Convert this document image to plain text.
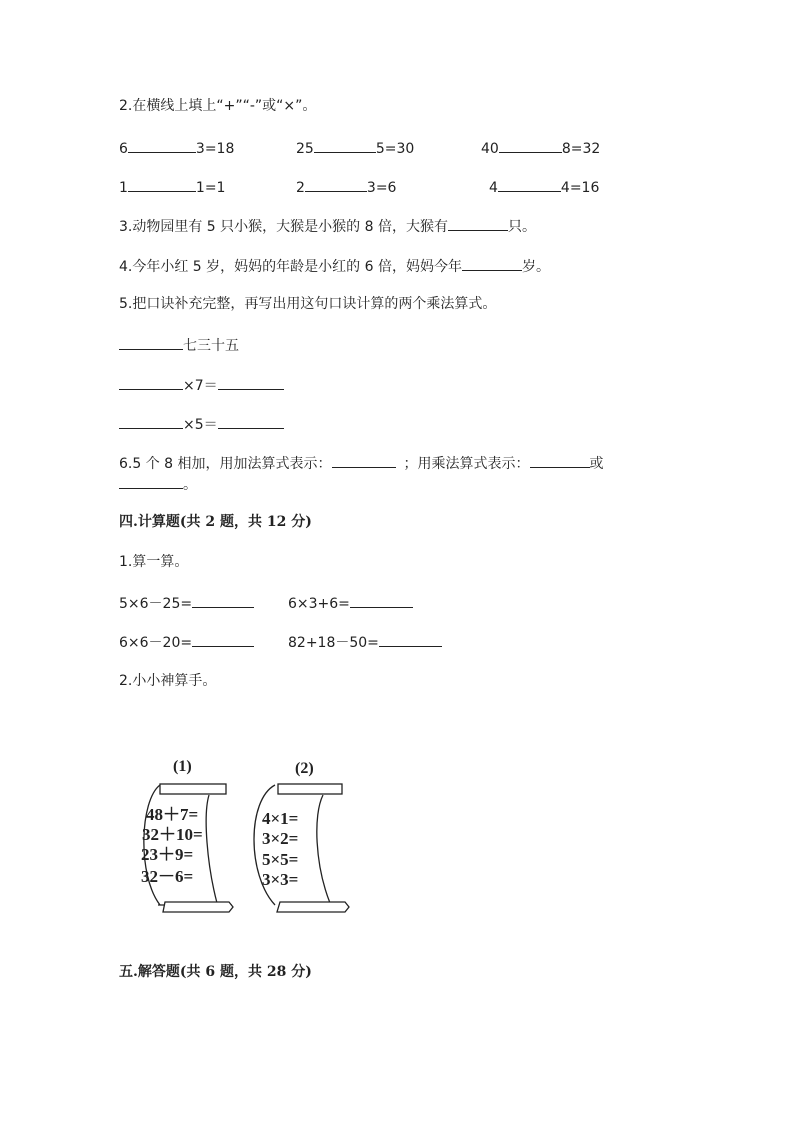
2.在横线上填上“+”“-”或“×”。
6	3=18	25	5=30	40	8=32
1	1=1	2	3=6	4	4=16
3.动物园里有 5 只小猴，大猴是小猴的 8 倍，大猴有	只。
4.今年小红 5 岁，妈妈的年龄是小红的 6 倍，妈妈今年	岁。
5.把口诀补充完整，再写出用这句口诀计算的两个乘法算式。
七三十五
×7＝
×5＝
6.5 个 8 相加，用加法算式表示：	；用乘法算式表示：	或
。
四.计算题(共 2 题，共 12 分)
1.算一算。
5×6－25=	6×3+6=
6×6－20=	82+18－50=
2.小小神算手。
(1)	(2)
48＋7=
32＋10=
23＋9=
32－6=
4×1=
3×2=
5×5=
3×3=
五.解答题(共 6 题，共 28 分)
